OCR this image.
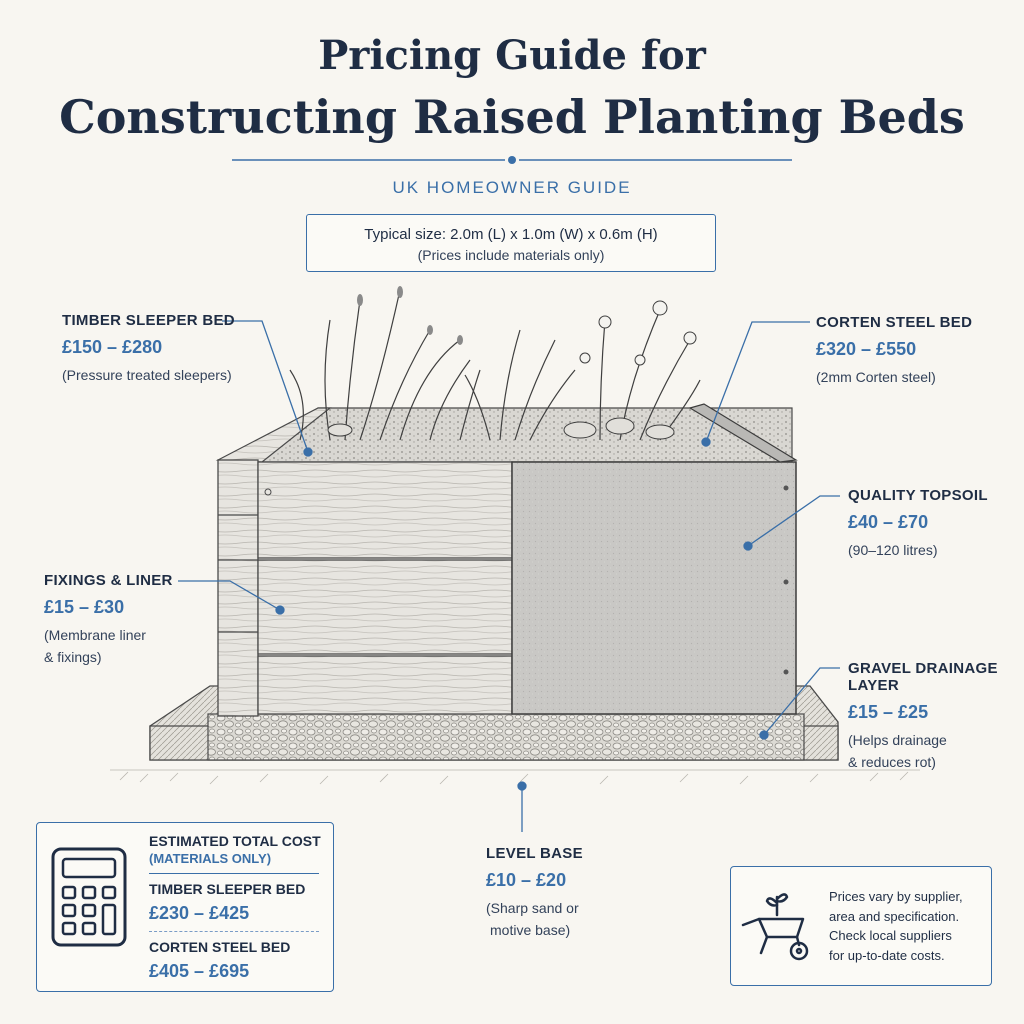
Pricing Guide for
Constructing Raised Planting Beds
UK HOMEOWNER GUIDE
Typical size: 2.0m (L) x 1.0m (W) x 0.6m (H)
(Prices include materials only)
TIMBER SLEEPER BED
£150 – £280
(Pressure treated sleepers)
CORTEN STEEL BED
£320 – £550
(2mm Corten steel)
QUALITY TOPSOIL
£40 – £70
(90–120 litres)
FIXINGS & LINER
£15 – £30
(Membrane liner
& fixings)
GRAVEL DRAINAGE LAYER
£15 – £25
(Helps drainage
& reduces rot)
LEVEL BASE
£10 – £20
(Sharp sand or
motive base)
ESTIMATED TOTAL COST
(MATERIALS ONLY)
TIMBER SLEEPER BED
£230 – £425
CORTEN STEEL BED
£405 – £695
Prices vary by supplier,
area and specification.
Check local suppliers
for up-to-date costs.
